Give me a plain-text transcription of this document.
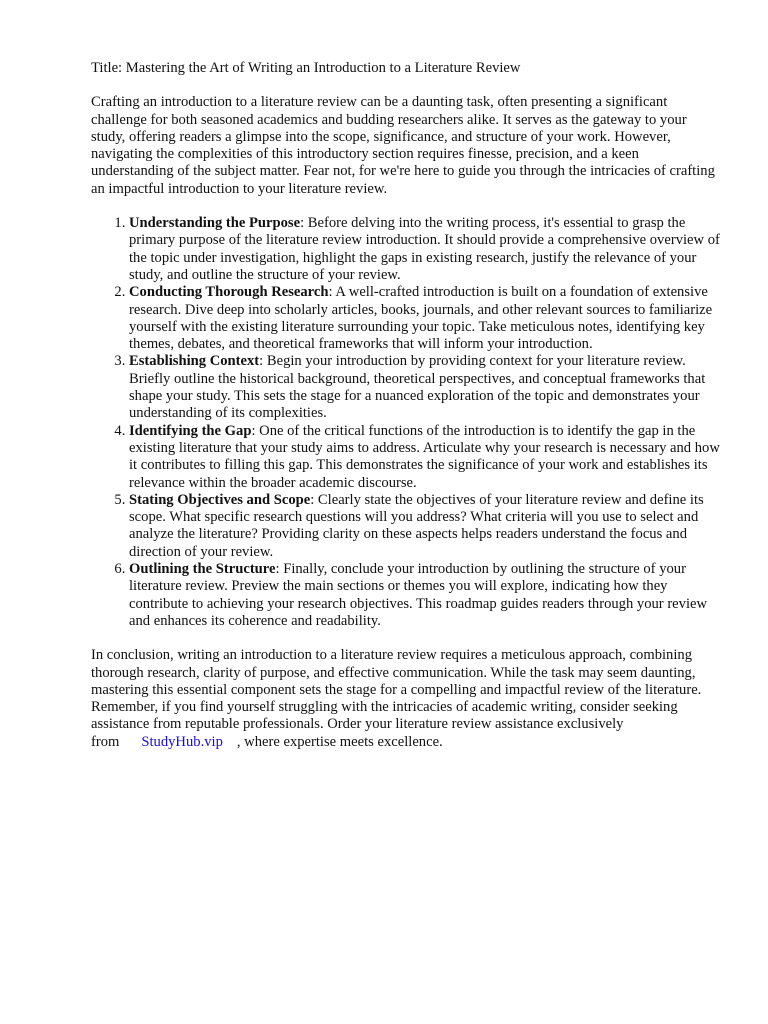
Title: Mastering the Art of Writing an Introduction to a Literature Review

Crafting an introduction to a literature review can be a daunting task, often presenting a significant challenge for both seasoned academics and budding researchers alike. It serves as the gateway to your study, offering readers a glimpse into the scope, significance, and structure of your work. However, navigating the complexities of this introductory section requires finesse, precision, and a keen understanding of the subject matter. Fear not, for we're here to guide you through the intricacies of crafting an impactful introduction to your literature review.

1. Understanding the Purpose: Before delving into the writing process, it's essential to grasp the primary purpose of the literature review introduction. It should provide a comprehensive overview of the topic under investigation, highlight the gaps in existing research, justify the relevance of your study, and outline the structure of your review.
2. Conducting Thorough Research: A well-crafted introduction is built on a foundation of extensive research. Dive deep into scholarly articles, books, journals, and other relevant sources to familiarize yourself with the existing literature surrounding your topic. Take meticulous notes, identifying key themes, debates, and theoretical frameworks that will inform your introduction.
3. Establishing Context: Begin your introduction by providing context for your literature review. Briefly outline the historical background, theoretical perspectives, and conceptual frameworks that shape your study. This sets the stage for a nuanced exploration of the topic and demonstrates your understanding of its complexities.
4. Identifying the Gap: One of the critical functions of the introduction is to identify the gap in the existing literature that your study aims to address. Articulate why your research is necessary and how it contributes to filling this gap. This demonstrates the significance of your work and establishes its relevance within the broader academic discourse.
5. Stating Objectives and Scope: Clearly state the objectives of your literature review and define its scope. What specific research questions will you address? What criteria will you use to select and analyze the literature? Providing clarity on these aspects helps readers understand the focus and direction of your review.
6. Outlining the Structure: Finally, conclude your introduction by outlining the structure of your literature review. Preview the main sections or themes you will explore, indicating how they contribute to achieving your research objectives. This roadmap guides readers through your review and enhances its coherence and readability.

In conclusion, writing an introduction to a literature review requires a meticulous approach, combining thorough research, clarity of purpose, and effective communication. While the task may seem daunting, mastering this essential component sets the stage for a compelling and impactful review of the literature. Remember, if you find yourself struggling with the intricacies of academic writing, consider seeking assistance from reputable professionals. Order your literature review assistance exclusively from StudyHub.vip , where expertise meets excellence.
